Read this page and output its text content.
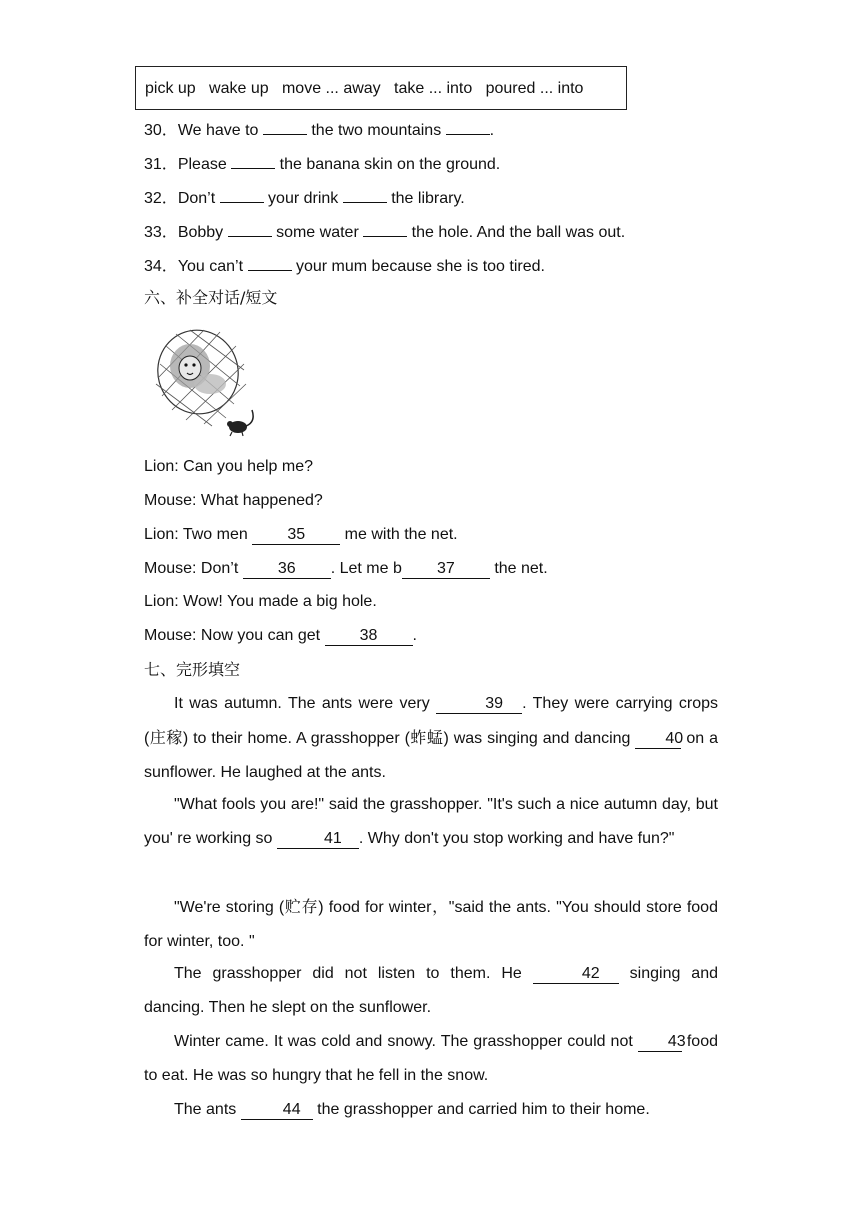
pick up   wake up   move ... away   take ... into   poured ... into
30．We have to	the two mountains	.
31．Please	the banana skin on the ground.
32．Don’t	your drink	the library.
33．Bobby	some water	the hole. And the ball was out.
34．You can’t	your mum because she is too tired.
六、补全对话/短文
Lion: Can you help me?
Mouse: What happened?
Lion: Two men 35 me with the net.
Mouse: Don’t 36 . Let me b 37 the net.
Lion: Wow! You made a big hole.
Mouse: Now you can get 38 .
七、完形填空
It was autumn. The ants were very	39 . They were carrying crops (庄稼) to their home. A grasshopper (蚱蜢) was singing and dancing 40 on a sunflower. He laughed at the ants.
"What fools you are!" said the grasshopper. "It's such a nice autumn day, but you' re working so	41 . Why don't you stop working and have fun?"
"We're storing (贮存) food for winter，"said the ants. "You should store food for winter, too. "
The grasshopper did not listen to them. He	42 singing and dancing. Then he slept on the sunflower.
Winter came. It was cold and snowy. The grasshopper could not 43 food to eat. He was so hungry that he fell in the snow.
The ants	44 the grasshopper and carried him to their home.
